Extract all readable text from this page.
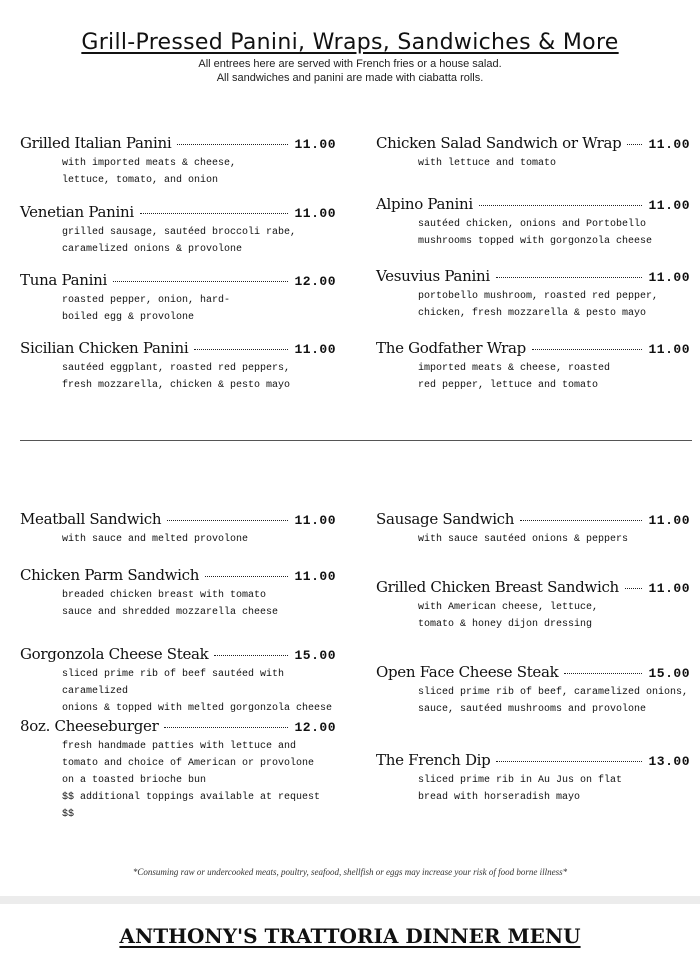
Grill-Pressed Panini, Wraps, Sandwiches & More
All entrees here are served with French fries or a house salad.
All sandwiches and panini are made with ciabatta rolls.
Grilled Italian Panini	11.00
with imported meats & cheese,
lettuce, tomato, and onion
Venetian Panini	11.00
grilled sausage, sautéed broccoli rabe,
caramelized onions & provolone
Tuna Panini	12.00
roasted pepper, onion, hard-
boiled egg & provolone
Sicilian Chicken Panini	11.00
sautéed eggplant, roasted red peppers,
fresh mozzarella, chicken & pesto mayo
Chicken Salad Sandwich or Wrap 11.00
with lettuce and tomato
Alpino Panini	11.00
sautéed chicken, onions and Portobello
mushrooms topped with gorgonzola cheese
Vesuvius Panini	11.00
portobello mushroom, roasted red pepper,
chicken, fresh mozzarella & pesto mayo
The Godfather Wrap	11.00
imported meats & cheese, roasted
red pepper, lettuce and tomato
Meatball Sandwich	11.00
with sauce and melted provolone
Chicken Parm Sandwich	11.00
breaded chicken breast with tomato
sauce and shredded mozzarella cheese
Gorgonzola Cheese Steak	15.00
sliced prime rib of beef sautéed with caramelized
onions & topped with melted gorgonzola cheese
8oz. Cheeseburger	12.00
fresh handmade patties with lettuce and
tomato and choice of American or provolone
on a toasted brioche bun
$$ additional toppings available at request $$
Sausage Sandwich	11.00
with sauce sautéed onions & peppers
Grilled Chicken Breast Sandwich 11.00
with American cheese, lettuce,
tomato & honey dijon dressing
Open Face Cheese Steak	15.00
sliced prime rib of beef, caramelized onions,
sauce, sautéed mushrooms and provolone
The French Dip	13.00
sliced prime rib in Au Jus on flat
bread with horseradish mayo
*Consuming raw or undercooked meats, poultry, seafood, shellfish or eggs may increase your risk of food borne illness*
ANTHONY'S TRATTORIA DINNER MENU
